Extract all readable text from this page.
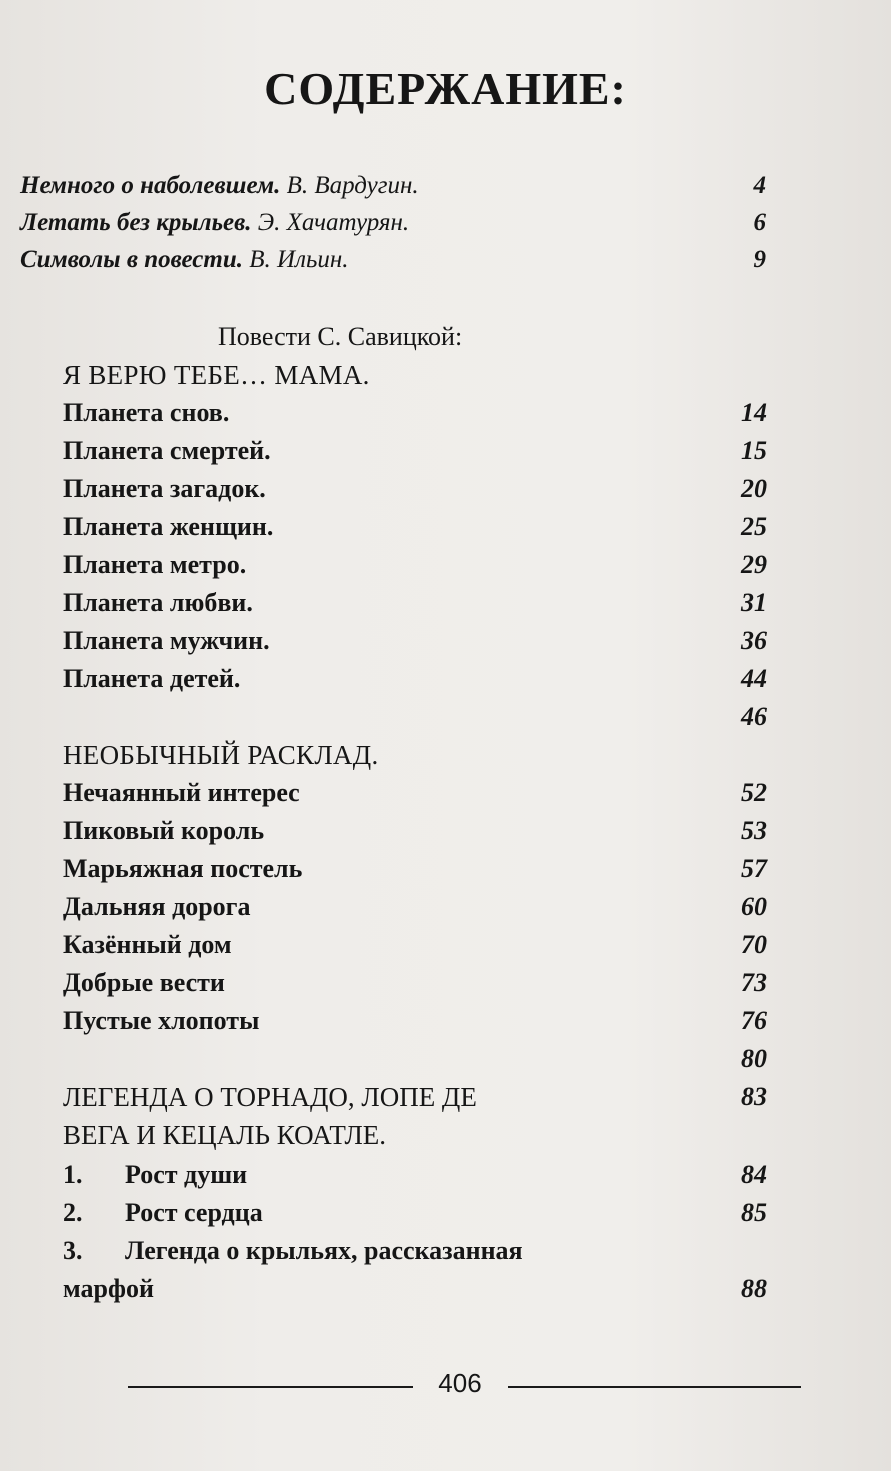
СОДЕРЖАНИЕ:
Немного о наболевшем. В. Вардугин.	4
Летать без крыльев. Э. Хачатурян.	6
Символы в повести. В. Ильин.	9
Повести С. Савицкой:
Я ВЕРЮ ТЕБЕ… МАМА.
Планета снов.	14
Планета смертей.	15
Планета загадок.	20
Планета женщин.	25
Планета метро.	29
Планета любви.	31
Планета мужчин.	36
Планета детей.	44
46
НЕОБЫЧНЫЙ РАСКЛАД.
Нечаянный интерес	52
Пиковый король	53
Марьяжная постель	57
Дальняя дорога	60
Казённый дом	70
Добрые вести	73
Пустые хлопоты	76
80
ЛЕГЕНДА О ТОРНАДО, ЛОПЕ ДЕ	83
ВЕГА И КЕЦАЛЬ КОАТЛЕ.
1. Рост души	84
2. Рост сердца	85
3. Легенда о крыльях, рассказанная
марфой	88
406
